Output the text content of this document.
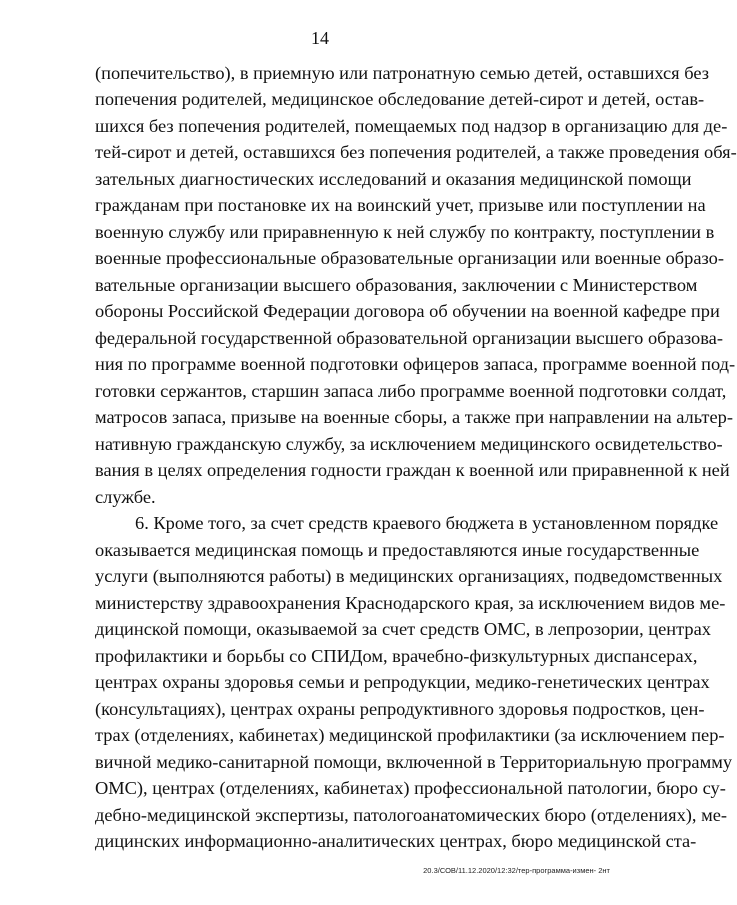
14
(попечительство), в приемную или патронатную семью детей, оставшихся без
попечения родителей, медицинское обследование детей-сирот и детей, остав-
шихся без попечения родителей, помещаемых под надзор в организацию для де-
тей-сирот и детей, оставшихся без попечения родителей, а также проведения обя-
зательных диагностических исследований и оказания медицинской помощи
гражданам при постановке их на воинский учет, призыве или поступлении на
военную службу или приравненную к ней службу по контракту, поступлении в
военные профессиональные образовательные организации или военные образо-
вательные организации высшего образования, заключении с Министерством
обороны Российской Федерации договора об обучении на военной кафедре при
федеральной государственной образовательной организации высшего образова-
ния по программе военной подготовки офицеров запаса, программе военной под-
готовки сержантов, старшин запаса либо программе военной подготовки солдат,
матросов запаса, призыве на военные сборы, а также при направлении на альтер-
нативную гражданскую службу, за исключением медицинского освидетельство-
вания в целях определения годности граждан к военной или приравненной к ней
службе.
6. Кроме того, за счет средств краевого бюджета в установленном порядке
оказывается медицинская помощь и предоставляются иные государственные
услуги (выполняются работы) в медицинских организациях, подведомственных
министерству здравоохранения Краснодарского края, за исключением видов ме-
дицинской помощи, оказываемой за счет средств ОМС, в лепрозории, центрах
профилактики и борьбы со СПИДом, врачебно-физкультурных диспансерах,
центрах охраны здоровья семьи и репродукции, медико-генетических центрах
(консультациях), центрах охраны репродуктивного здоровья подростков, цен-
трах (отделениях, кабинетах) медицинской профилактики (за исключением пер-
вичной медико-санитарной помощи, включенной в Территориальную программу
ОМС), центрах (отделениях, кабинетах) профессиональной патологии, бюро су-
дебно-медицинской экспертизы, патологоанатомических бюро (отделениях), ме-
дицинских информационно-аналитических центрах, бюро медицинской ста-
20.3/СОВ/11.12.2020/12:32/тер-программа-измен- 2нт
